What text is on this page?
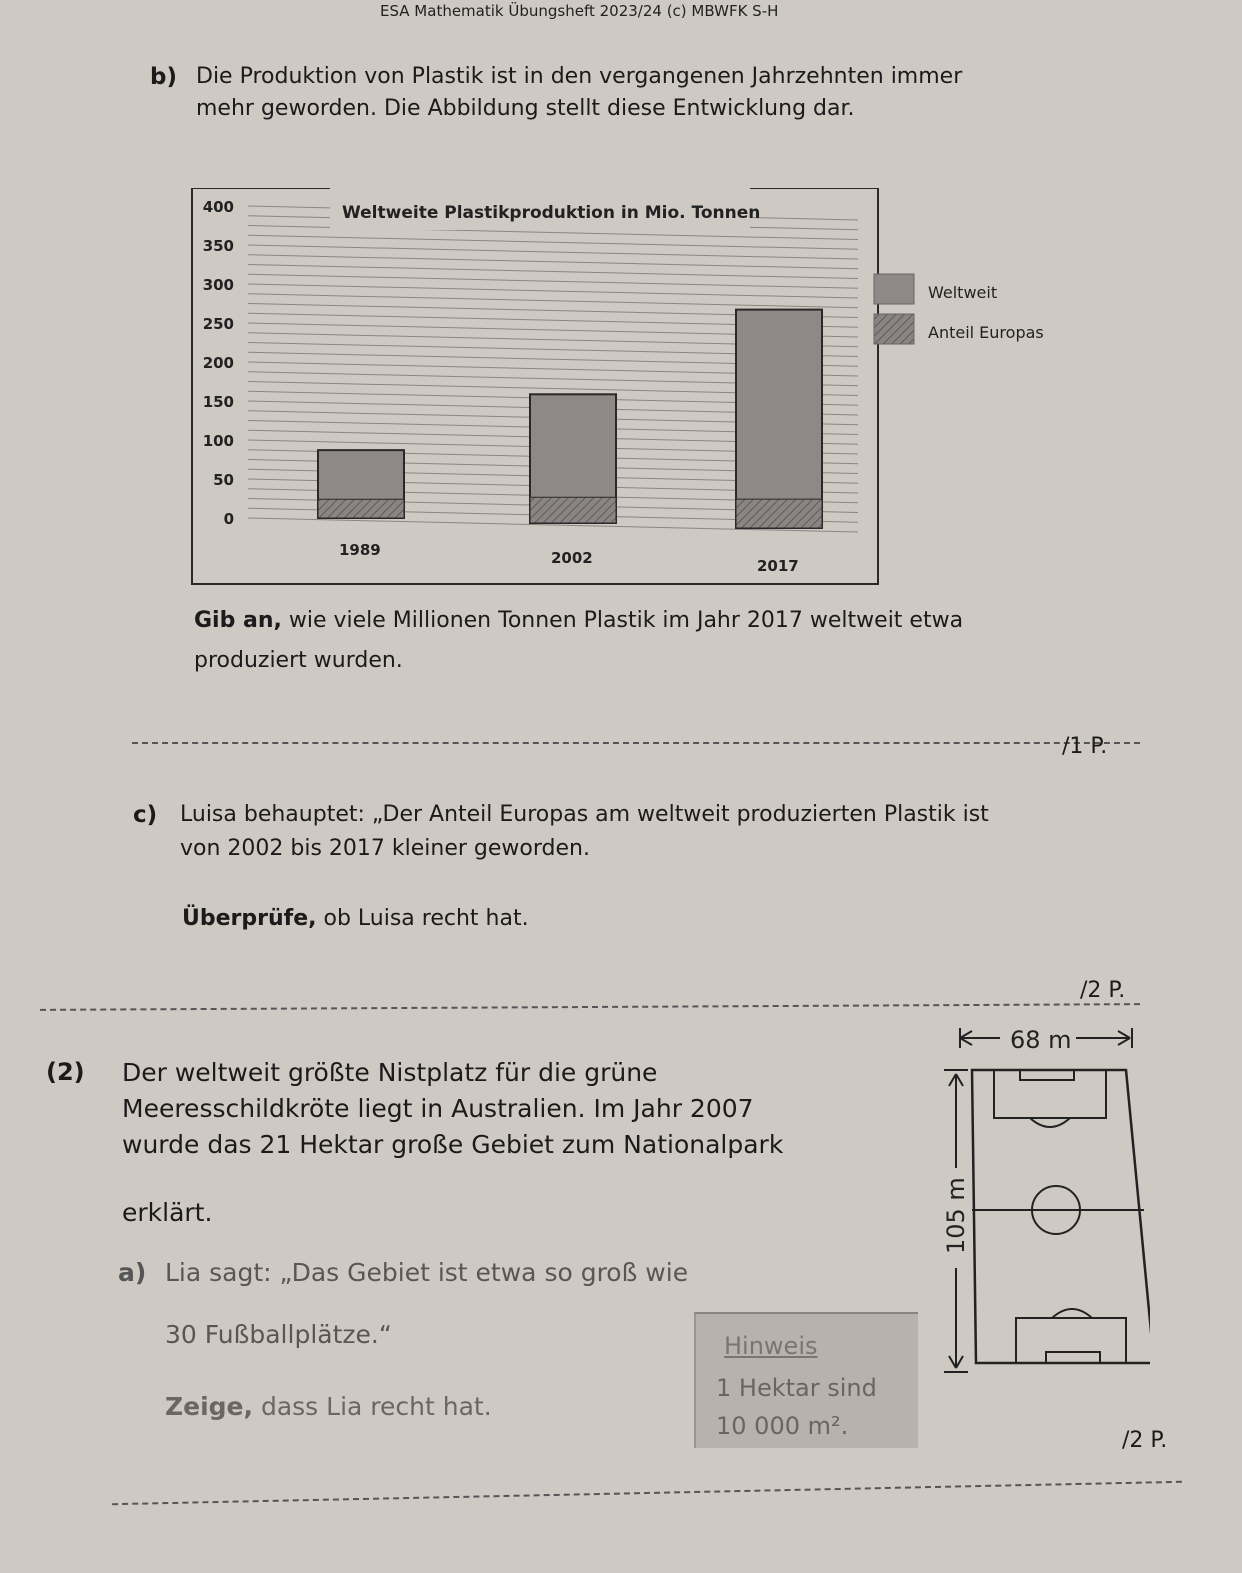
ESA Mathematik Übungsheft 2023/24 (c) MBWFK S-H
b) Die Produktion von Plastik ist in den vergangenen Jahrzehnten immer
mehr geworden. Die Abbildung stellt diese Entwicklung dar.
0
50
100
150
200
250
300
350
400
1989	2002	2017
Weltweite Plastikproduktion in Mio. Tonnen
Weltweit
Anteil Europas
Gib an, wie viele Millionen Tonnen Plastik im Jahr 2017 weltweit etwa
produziert wurden.
/1 P.
c) Luisa behauptet: „Der Anteil Europas am weltweit produzierten Plastik ist
von 2002 bis 2017 kleiner geworden.
Überprüfe, ob Luisa recht hat.
/2 P.
(2) Der weltweit größte Nistplatz für die grüne
Meeresschildkröte liegt in Australien. Im Jahr 2007
wurde das 21 Hektar große Gebiet zum Nationalpark
erklärt.
a) Lia sagt: „Das Gebiet ist etwa so groß wie
30 Fußballplätze.“
Zeige, dass Lia recht hat.
Hinweis
1 Hektar sind
10 000 m².
/2 P.
68 m
105 m
